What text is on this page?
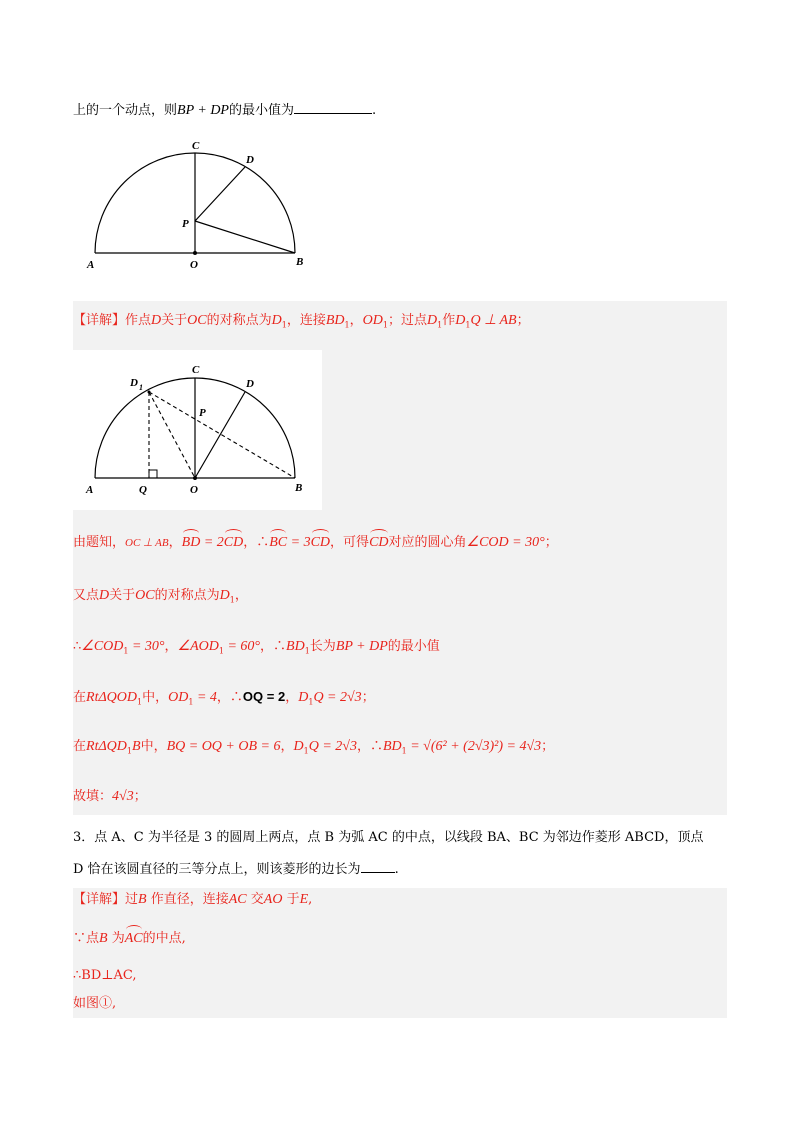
上的一个动点，则BP + DP的最小值为	.
C
D
P
A	O	B
【详解】作点D关于OC的对称点为$D_1$，连接$BD_1$，$OD_1$；过点$D_1$作$D_1Q$ ⊥ AB；
C
D
D 1
P
A	Q	O	B
由题知，OC ⊥ AB，BD = 2CD，∴BC = 3CD，可得CD对应的圆心角∠COD = 30°；
又点D关于OC的对称点为$D_1$，
$\therefore\angle COD_1 = 30^\circ$，$\angle AOD_1 = 60^\circ$，$\therefore BD_1$长为BP + DP的最小值
在RtΔQOD$_1$中，$OD_1 = 4$，∴OQ = 2，$D_1Q = 2√3$；
在RtΔQD$_1$B中，BQ = OQ + OB = 6，$D_1Q = 2√3$，$\therefore BD_1 = √(6^2 + (2√3)^2) = 4√3$；
故填：4√3；
3．点 A、C 为半径是 3 的圆周上两点，点 B 为弧 AC 的中点，以线段 BA、BC 为邻边作菱形 ABCD，顶点
D 恰在该圆直径的三等分点上，则该菱形的边长为	.
【详解】过B 作直径，连接AC 交AO 于E,
∵点B 为AC的中点,
∴BD⊥AC,
如图①,
